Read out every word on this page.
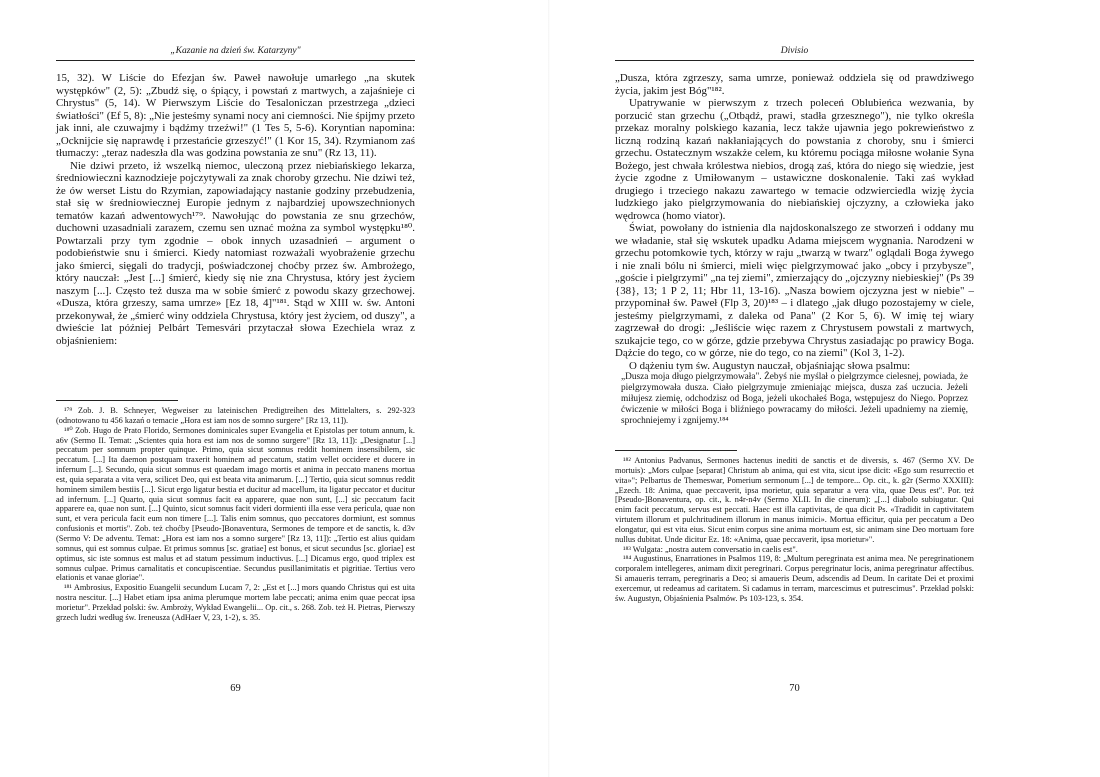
„Kazanie na dzień św. Katarzyny"

15, 32). W Liście do Efezjan św. Paweł nawołuje umarłego „na skutek występków" (2, 5): „Zbudź się, o śpiący, i powstań z martwych, a zajaśnieje ci Chrystus" (5, 14). W Pierwszym Liście do Tesaloniczan przestrzega „dzieci światłości" (Ef 5, 8): „Nie jesteśmy synami nocy ani ciemności. Nie śpijmy przeto jak inni, ale czuwajmy i bądźmy trzeźwi!" (1 Tes 5, 5-6). Koryntian napomina: „Ocknijcie się naprawdę i przestańcie grzeszyć!" (1 Kor 15, 34). Rzymianom zaś tłumaczy: „teraz nadeszła dla was godzina powstania ze snu" (Rz 13, 11).

Nie dziwi przeto, iż wszelką niemoc, uleczoną przez niebiańskiego lekarza, średniowieczni kaznodzieje pojczytywali za znak choroby grzechu. Nie dziwi też, że ów werset Listu do Rzymian, zapowiadający nastanie godziny przebudzenia, stał się w średniowiecznej Europie jednym z najbardziej upowszechnionych tematów kazań adwentowych¹⁷⁹. Nawołując do powstania ze snu grzechów, duchowni uzasadniali zarazem, czemu sen uznać można za symbol występku¹⁸⁰. Powtarzali przy tym zgodnie – obok innych uzasadnień – argument o podobieństwie snu i śmierci. Kiedy natomiast rozważali wyobrażenie grzechu jako śmierci, sięgali do tradycji, poświadczonej choćby przez św. Ambrożego, który nauczał: „Jest [...] śmierć, kiedy się nie zna Chrystusa, który jest życiem naszym [...]. Często też dusza ma w sobie śmierć z powodu skazy grzechowej. «Dusza, która grzeszy, sama umrze» [Ez 18, 4]"¹⁸¹. Stąd w XIII w. św. Antoni przekonywał, że „śmierć winy oddziela Chrystusa, który jest życiem, od duszy", a dwieście lat później Pelbárt Temesvári przytaczał słowa Ezechiela wraz z objaśnieniem:

¹⁷⁹ Zob. J. B. Schneyer, Wegweiser zu lateinischen Predigtreihen des Mittelalters, s. 292-323 (odnotowano tu 456 kazań o temacie „Hora est iam nos de somno surgere" [Rz 13, 11]).

¹⁸⁰ Zob. Hugo de Prato Florido, Sermones dominicales super Evangelia et Epistolas per totum annum, k. a6v (Sermo II. Temat: „Scientes quia hora est iam nos de somno surgere" [Rz 13, 11]): „Designatur [...] peccatum per somnum propter quinque. Primo, quia sicut somnus reddit hominem insensibilem, sic peccatum. [...] Ita daemon postquam traxerit hominem ad peccatum, statim vellet occidere et ducere in infernum [...]. Secundo, quia sicut somnus est quaedam imago mortis et anima in peccato manens mortua est, quia separata a vita vera, scilicet Deo, qui est beata vita animarum. [...] Tertio, quia sicut somnus reddit hominem similem bestiis [...]. Sicut ergo ligatur bestia et ducitur ad macellum, ita ligatur peccator et ducitur ad infernum. [...] Quarto, quia sicut somnus facit ea apparere, quae non sunt, [...] sic peccatum facit apparere ea, quae non sunt. [...] Quinto, sicut somnus facit videri dormienti illa esse vera pericula, quae non sunt, et vera pericula facit eum non timere [...]. Talis enim somnus, quo peccatores dormiunt, est somnus confusionis et mortis". Zob. też choćby [Pseudo-]Bonaventura, Sermones de tempore et de sanctis, k. d3v (Sermo V: De adventu. Temat: „Hora est iam nos a somno surgere" [Rz 13, 11]): „Tertio est alius quidam somnus, qui est somnus culpae. Et primus somnus [sc. gratiae] est bonus, et sicut secundus [sc. gloriae] est optimus, sic iste somnus est malus et ad statum pessimum inductivus. [...] Dicamus ergo, quod triplex est somnus culpae. Primus carnalitatis et concupiscentiae. Secundus pusillanimitatis et pigritiae. Tertius vero elationis et vanae gloriae".

¹⁸¹ Ambrosius, Expositio Euangelii secundum Lucam 7, 2: „Est et [...] mors quando Christus qui est uita nostra nescitur. [...] Habet etiam ipsa anima plerumque mortem labe peccati; anima enim quae peccat ipsa morietur". Przekład polski: św. Ambroży, Wykład Ewangelii... Op. cit., s. 268. Zob. też H. Pietras, Pierwszy grzech ludzi według św. Ireneusza (AdHaer V, 23, 1-2), s. 35.

69
Divisio

„Dusza, która zgrzeszy, sama umrze, ponieważ oddziela się od prawdziwego życia, jakim jest Bóg"¹⁸².

Upatrywanie w pierwszym z trzech poleceń Oblubieńca wezwania, by porzucić stan grzechu („Otbądź, prawi, stadła grzesznego"), nie tylko określa przekaz moralny polskiego kazania, lecz także ujawnia jego pokrewieństwo z liczną rodziną kazań nakłaniających do powstania z choroby, snu i śmierci grzechu. Ostatecznym wszakże celem, ku któremu pociąga miłosne wołanie Syna Bożego, jest chwała królestwa niebios, drogą zaś, która do niego się wiedzie, jest życie zgodne z Umiłowanym – ustawiczne doskonalenie. Taki zaś wykład drugiego i trzeciego nakazu zawartego w temacie odzwierciedla wizję życia ludzkiego jako pielgrzymowania do niebiańskiej ojczyzny, a człowieka jako wędrowca (homo viator).

Świat, powołany do istnienia dla najdoskonalszego ze stworzeń i oddany mu we władanie, stał się wskutek upadku Adama miejscem wygnania. Narodzeni w grzechu potomkowie tych, którzy w raju „twarzą w twarz" oglądali Boga żywego i nie znali bólu ni śmierci, mieli więc pielgrzymować jako „obcy i przybysze", „goście i pielgrzymi" „na tej ziemi", zmierzający do „ojczyzny niebieskiej" (Ps 39 {38}, 13; 1 P 2, 11; Hbr 11, 13-16). „Nasza bowiem ojczyzna jest w niebie" – przypominał św. Paweł (Flp 3, 20)¹⁸³ – i dlatego „jak długo pozostajemy w ciele, jesteśmy pielgrzymami, z daleka od Pana" (2 Kor 5, 6). W imię tej wiary zagrzewał do drogi: „Jeśliście więc razem z Chrystusem powstali z martwych, szukajcie tego, co w górze, gdzie przebywa Chrystus zasiadając po prawicy Boga. Dążcie do tego, co w górze, nie do tego, co na ziemi" (Kol 3, 1-2).

O dążeniu tym św. Augustyn nauczał, objaśniając słowa psalmu:

„Dusza moja długo pielgrzymowała". Żebyś nie myślał o pielgrzymce cielesnej, powiada, że pielgrzymowała dusza. Ciało pielgrzymuje zmieniając miejsca, dusza zaś uczucia. Jeżeli miłujesz ziemię, odchodzisz od Boga, jeżeli ukochałeś Boga, wstępujesz do Niego. Poprzez ćwiczenie w miłości Boga i bliźniego powracamy do miłości. Jeżeli upadniemy na ziemię, sprochniejemy i zgnijemy.¹⁸⁴

¹⁸² Antonius Padvanus, Sermones hactenus inediti de sanctis et de diversis, s. 467 (Sermo XV. De mortuis): „Mors culpae [separat] Christum ab anima, qui est vita, sicut ipse dicit: «Ego sum resurrectio et vita»"; Pelbartus de Themeswar, Pomerium sermonum [...] de tempore... Op. cit., k. g2r (Sermo XXXIII): „Ezech. 18: Anima, quae peccaverit, ipsa morietur, quia separatur a vera vita, quae Deus est". Por. też [Pseudo-]Bonaventura, op. cit., k. n4r-n4v (Sermo XLII. In die cinerum): „[...] diabolo subiugatur. Qui enim facit peccatum, servus est peccati. Haec est illa captivitas, de qua dicit Ps. «Tradidit in captivitatem virtutem illorum et pulchritudinem illorum in manus inimici». Mortua efficitur, quia per peccatum a Deo elongatur, qui est vita eius. Sicut enim corpus sine anima mortuum est, sic animam sine Deo mortuam fore nullus dubitat. Unde dicitur Ez. 18: «Anima, quae peccaverit, ipsa morietur»".

¹⁸³ Wulgata: „nostra autem conversatio in caelis est".

¹⁸⁴ Augustinus, Enarrationes in Psalmos 119, 8: „Multum peregrinata est anima mea. Ne peregrinationem corporalem intellegeres, animam dixit peregrinari. Corpus peregrinatur locis, anima peregrinatur affectibus. Si amaueris terram, peregrinaris a Deo; si amaueris Deum, adscendis ad Deum. In caritate Dei et proximi exercemur, ut redeamus ad caritatem. Si cadamus in terram, marcescimus et putrescimus". Przekład polski: św. Augustyn, Objaśnienia Psalmów. Ps 103-123, s. 354.

70
